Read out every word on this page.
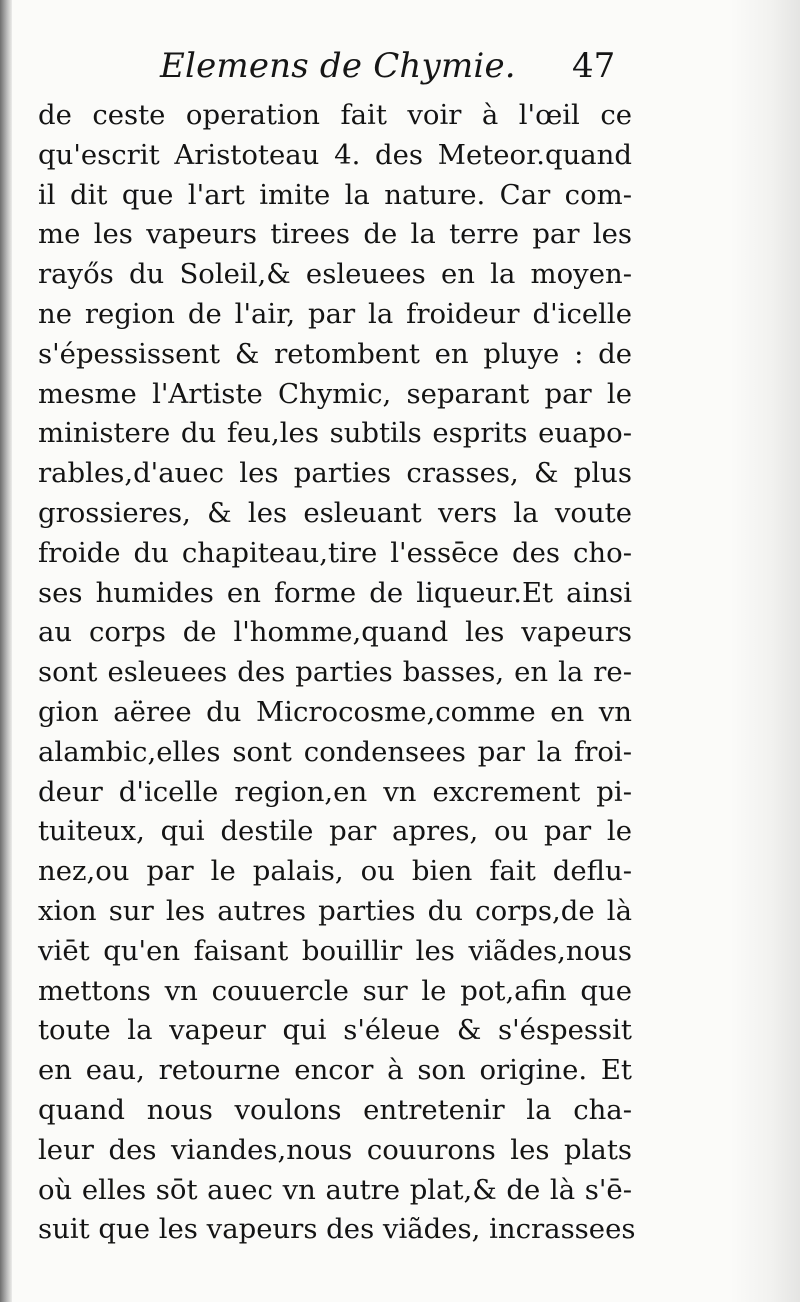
Elemens de Chymie. 47
de ceste operation fait voir à l'œil ce
qu'escrit Aristoteau 4. des Meteor.quand
il dit que l'art imite la nature. Car com-
me les vapeurs tirees de la terre par les
rayős du Soleil,& esleuees en la moyen-
ne region de l'air, par la froideur d'icelle
s'épessissent & retombent en pluye : de
mesme l'Artiste Chymic, separant par le
ministere du feu,les subtils esprits euapo-
rables,d'auec les parties crasses, & plus
grossieres, & les esleuant vers la voute
froide du chapiteau,tire l'essēce des cho-
ses humides en forme de liqueur.Et ainsi
au corps de l'homme,quand les vapeurs
sont esleuees des parties basses, en la re-
gion aëree du Microcosme,comme en vn
alambic,elles sont condensees par la froi-
deur d'icelle region,en vn excrement pi-
tuiteux, qui destile par apres, ou par le
nez,ou par le palais, ou bien fait deflu-
xion sur les autres parties du corps,de là
viēt qu'en faisant bouillir les viãdes,nous
mettons vn couuercle sur le pot,afin que
toute la vapeur qui s'éleue & s'éspessit
en eau, retourne encor à son origine. Et
quand nous voulons entretenir la cha-
leur des viandes,nous couurons les plats
où elles sōt auec vn autre plat,& de là s'ē-
suit que les vapeurs des viãdes, incrassees
